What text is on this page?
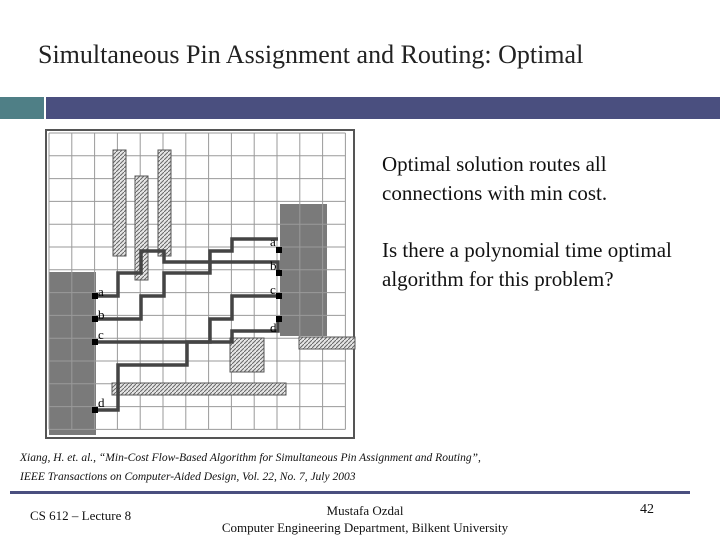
Simultaneous Pin Assignment and Routing: Optimal
a
b
c
d
a
b
c
d
Optimal solution routes all connections with min cost.
Is there a polynomial time optimal algorithm for this problem?
Xiang, H. et. al., “Min-Cost Flow-Based Algorithm for Simultaneous Pin Assignment and Routing”,
IEEE Transactions on Computer-Aided Design, Vol. 22, No. 7, July 2003
CS 612 – Lecture 8	Mustafa Ozdal
Computer Engineering Department, Bilkent University
42
